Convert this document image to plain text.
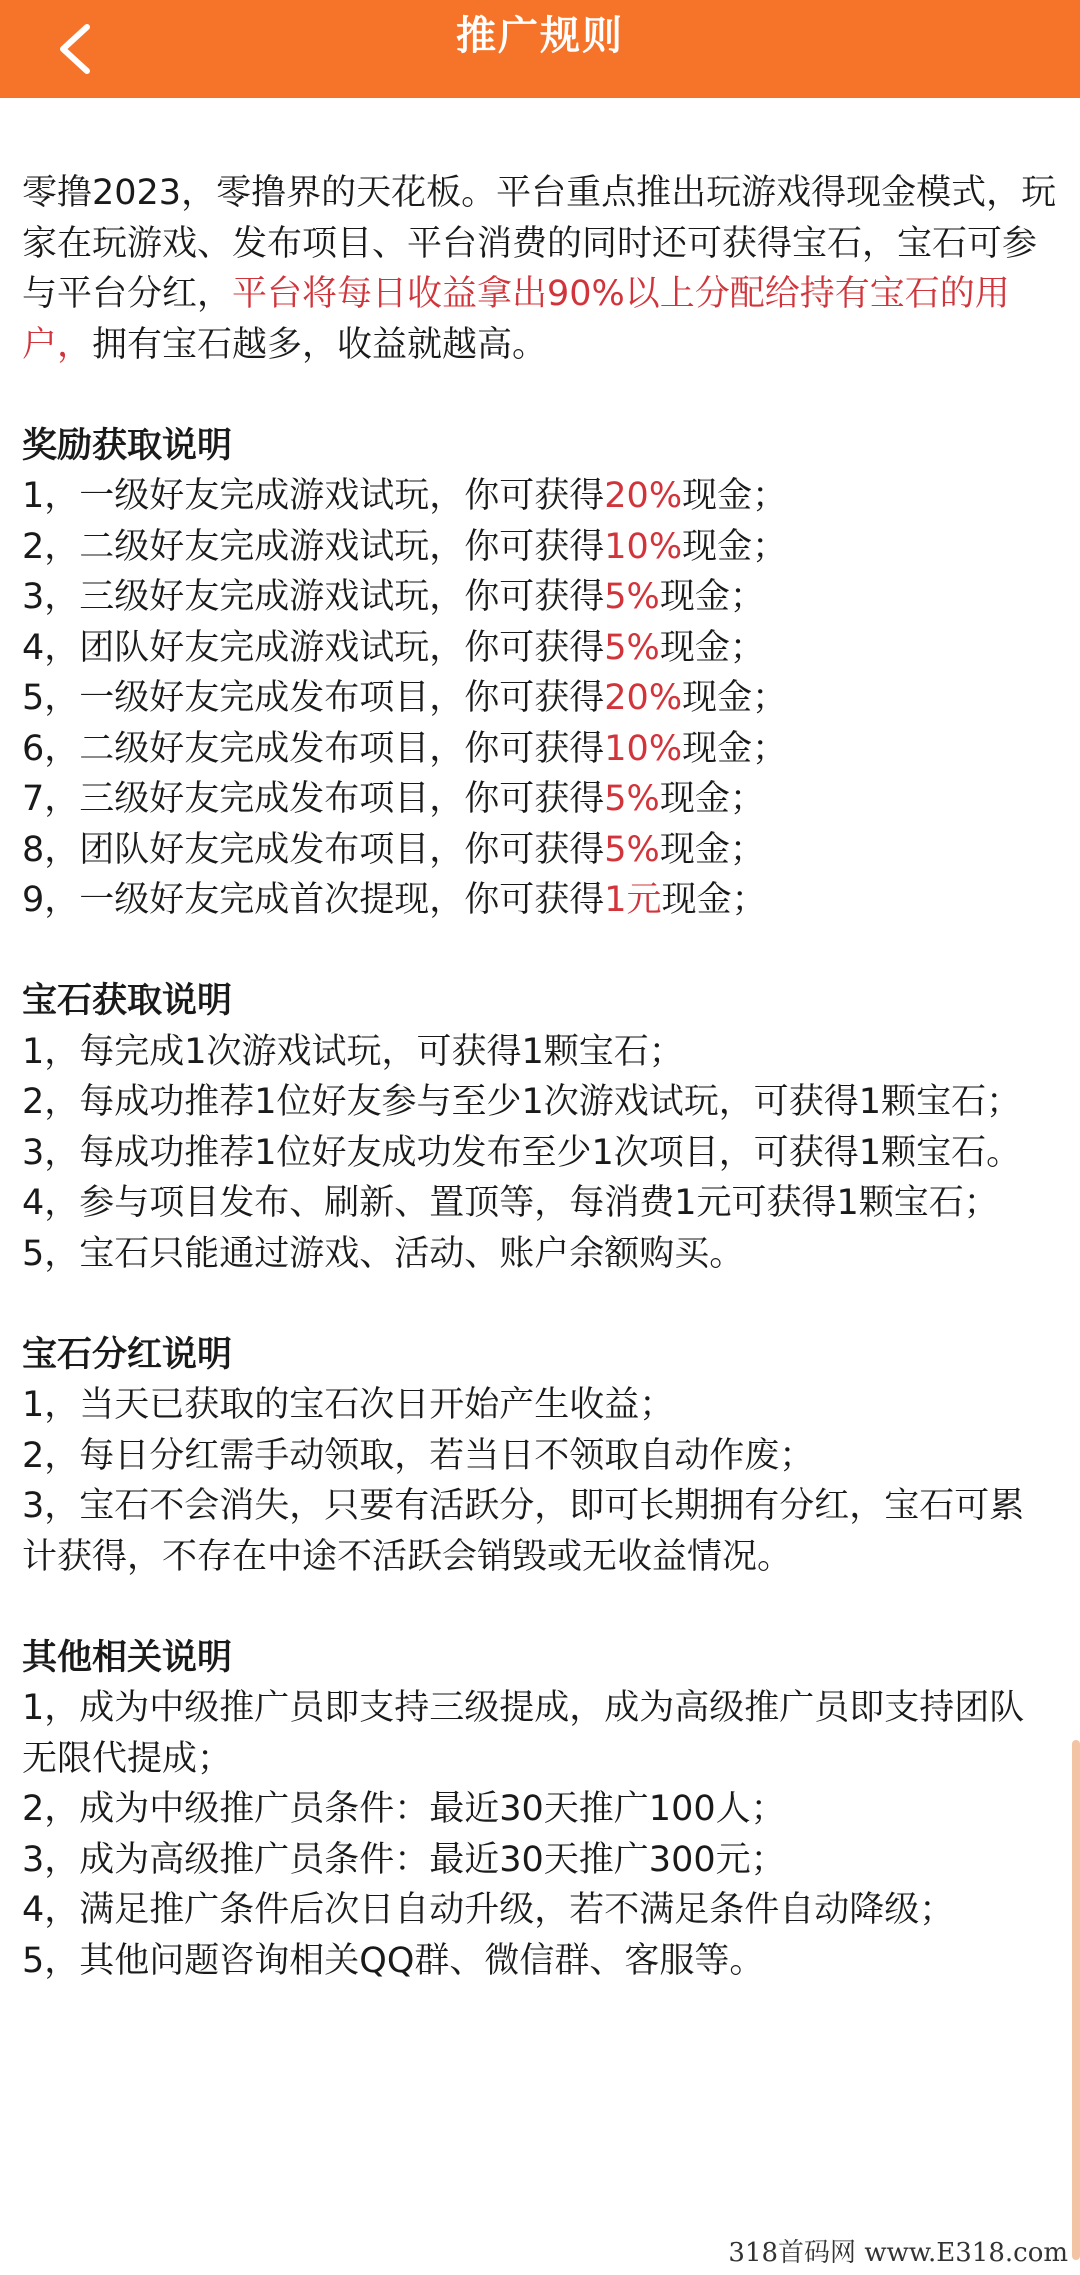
推广规则

零撸2023，零撸界的天花板。平台重点推出玩游戏得现金模式，玩家在玩游戏、发布项目、平台消费的同时还可获得宝石，宝石可参与平台分红，平台将每日收益拿出90%以上分配给持有宝石的用户，拥有宝石越多，收益就越高。

奖励获取说明
1，一级好友完成游戏试玩，你可获得20%现金；
2，二级好友完成游戏试玩，你可获得10%现金；
3，三级好友完成游戏试玩，你可获得5%现金；
4，团队好友完成游戏试玩，你可获得5%现金；
5，一级好友完成发布项目，你可获得20%现金；
6，二级好友完成发布项目，你可获得10%现金；
7，三级好友完成发布项目，你可获得5%现金；
8，团队好友完成发布项目，你可获得5%现金；
9，一级好友完成首次提现，你可获得1元现金；
宝石获取说明
1，每完成1次游戏试玩，可获得1颗宝石；
2，每成功推荐1位好友参与至少1次游戏试玩，可获得1颗宝石；
3，每成功推荐1位好友成功发布至少1次项目，可获得1颗宝石。
4，参与项目发布、刷新、置顶等，每消费1元可获得1颗宝石；
5，宝石只能通过游戏、活动、账户余额购买。
宝石分红说明
1，当天已获取的宝石次日开始产生收益；
2，每日分红需手动领取，若当日不领取自动作废；
3，宝石不会消失，只要有活跃分，即可长期拥有分红，宝石可累计获得，不存在中途不活跃会销毁或无收益情况。
其他相关说明
1，成为中级推广员即支持三级提成，成为高级推广员即支持团队无限代提成；
2，成为中级推广员条件：最近30天推广100人；
3，成为高级推广员条件：最近30天推广300元；
4，满足推广条件后次日自动升级，若不满足条件自动降级；
5，其他问题咨询相关QQ群、微信群、客服等。
318首码网 www.E318.com
